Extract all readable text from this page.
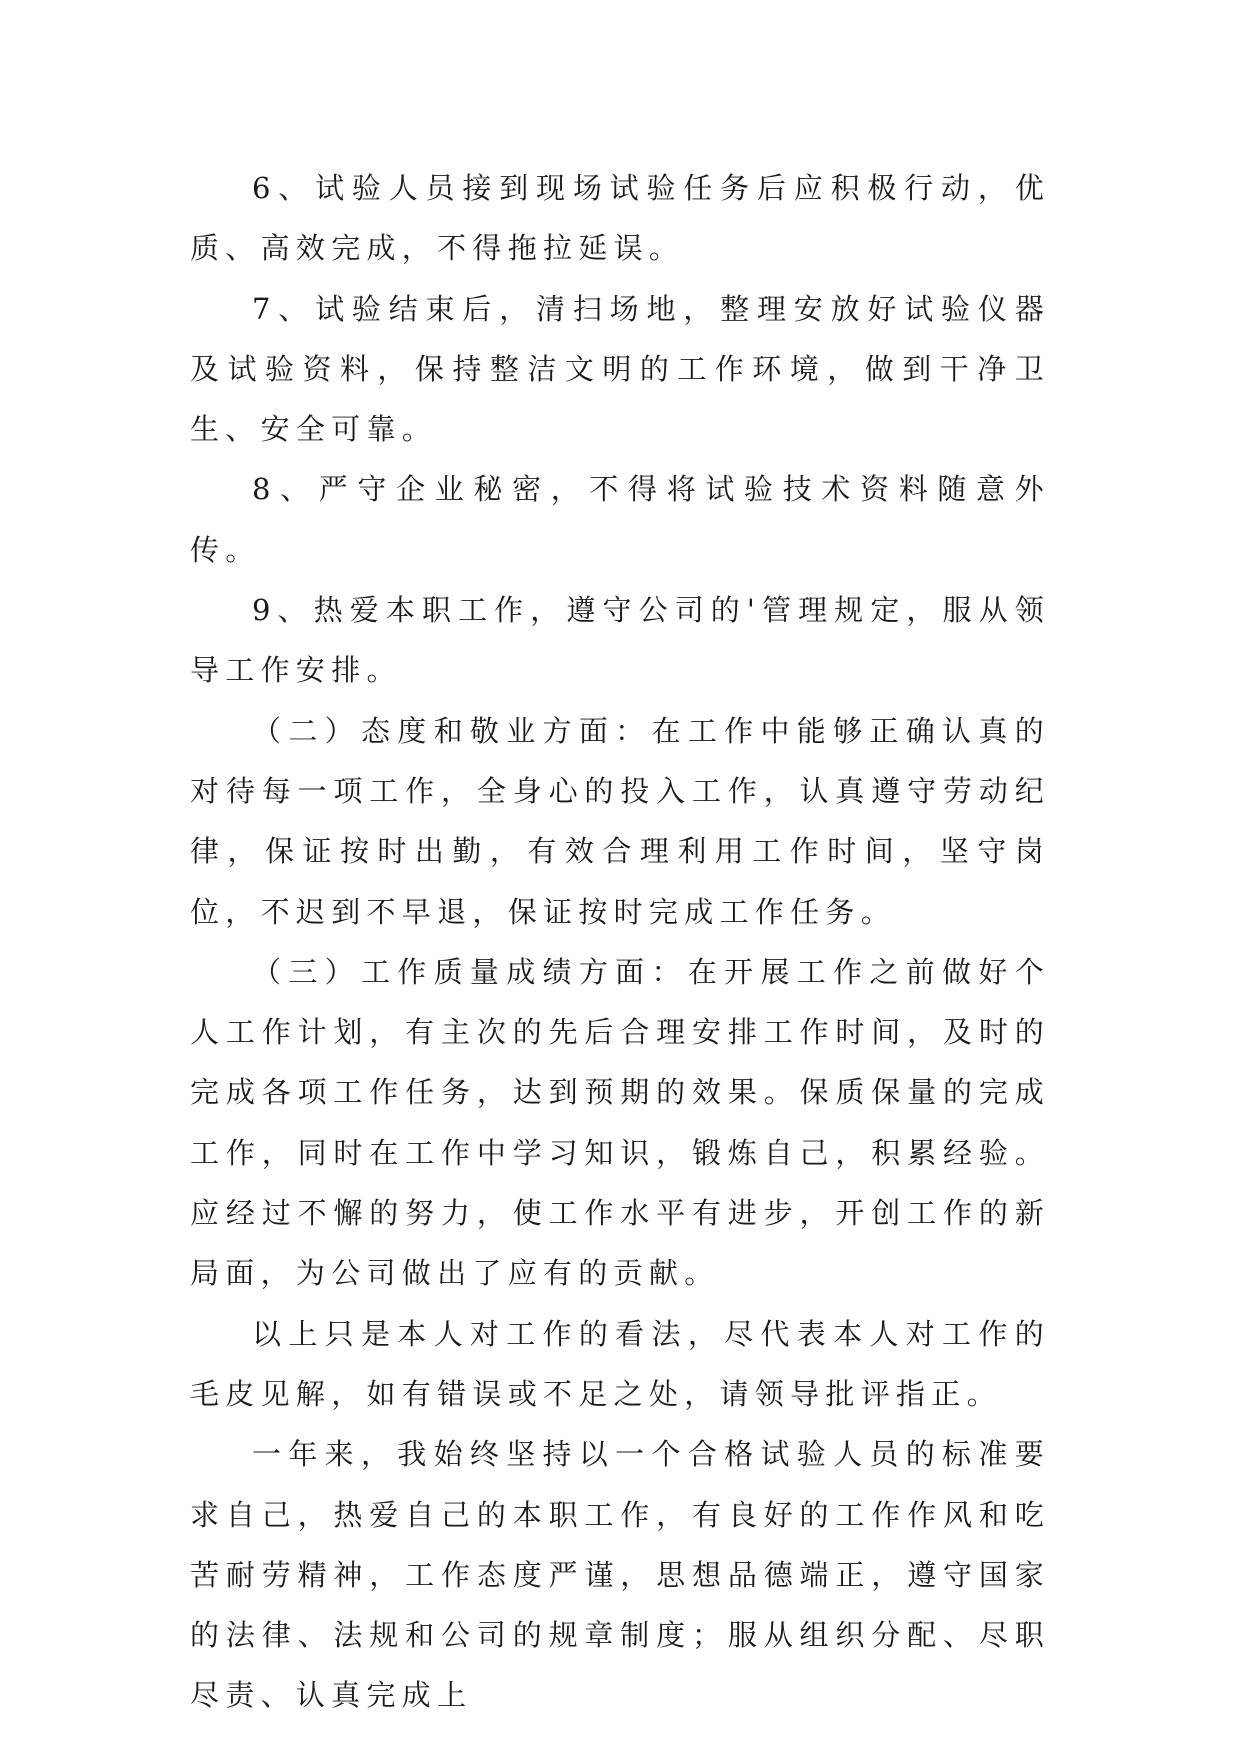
6、试验人员接到现场试验任务后应积极行动，优质、高效完成，不得拖拉延误。

7、试验结束后，清扫场地，整理安放好试验仪器及试验资料，保持整洁文明的工作环境，做到干净卫生、安全可靠。

8、严守企业秘密，不得将试验技术资料随意外传。

9、热爱本职工作，遵守公司的'管理规定，服从领导工作安排。

（二）态度和敬业方面：在工作中能够正确认真的对待每一项工作，全身心的投入工作，认真遵守劳动纪律，保证按时出勤，有效合理利用工作时间，坚守岗位，不迟到不早退，保证按时完成工作任务。

（三）工作质量成绩方面：在开展工作之前做好个人工作计划，有主次的先后合理安排工作时间，及时的完成各项工作任务，达到预期的效果。保质保量的完成工作，同时在工作中学习知识，锻炼自己，积累经验。应经过不懈的努力，使工作水平有进步，开创工作的新局面，为公司做出了应有的贡献。

以上只是本人对工作的看法，尽代表本人对工作的毛皮见解，如有错误或不足之处，请领导批评指正。

一年来，我始终坚持以一个合格试验人员的标准要求自己，热爱自己的本职工作，有良好的工作作风和吃苦耐劳精神，工作态度严谨，思想品德端正，遵守国家的法律、法规和公司的规章制度；服从组织分配、尽职尽责、认真完成上
